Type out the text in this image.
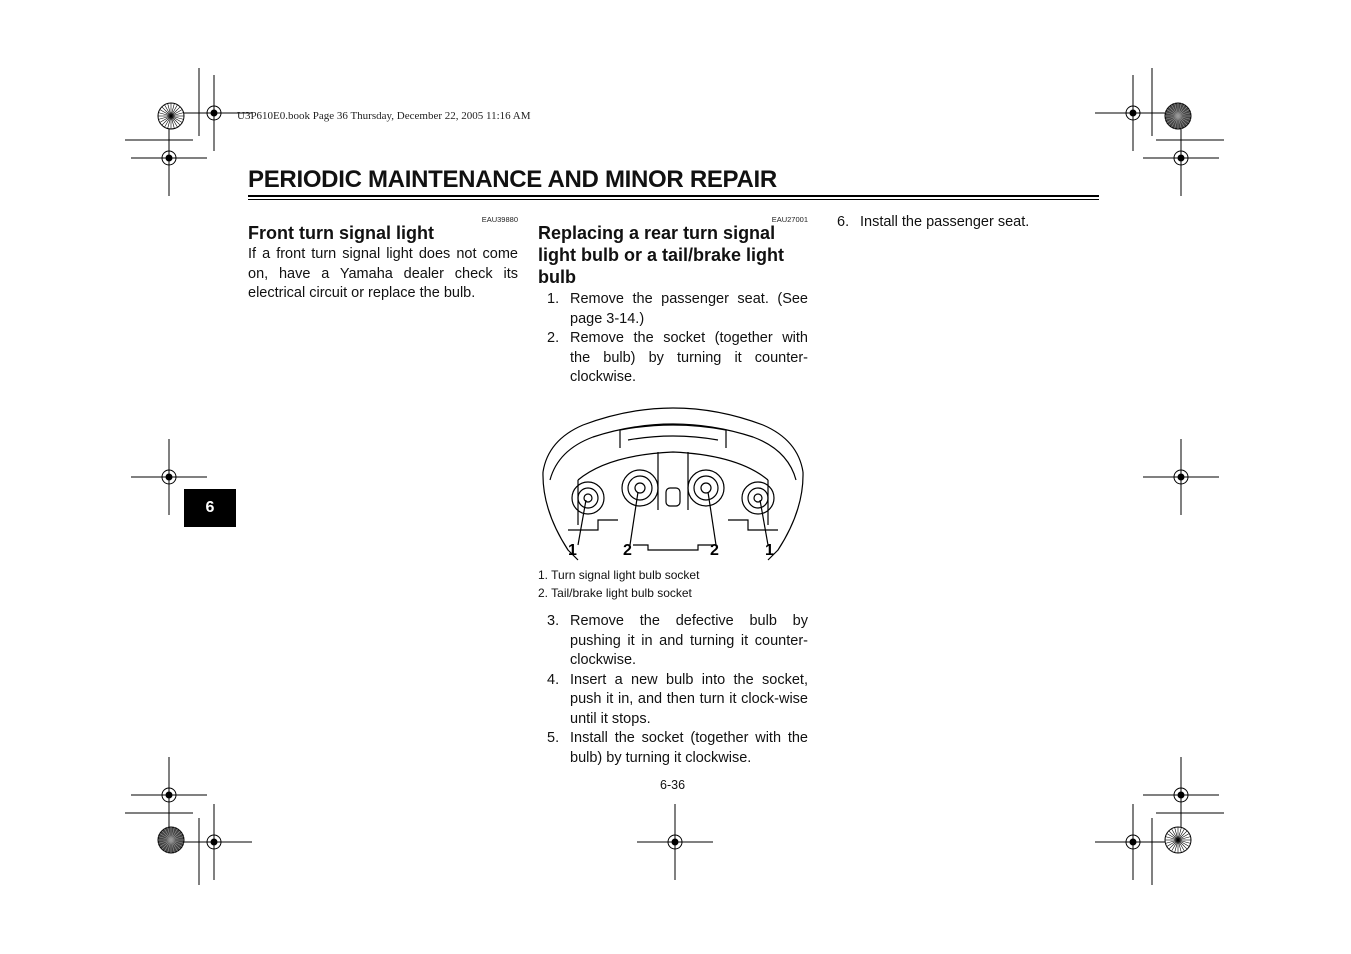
U3P610E0.book Page 36 Thursday, December 22, 2005 11:16 AM
PERIODIC MAINTENANCE AND MINOR REPAIR
EAU39880
Front turn signal light
If a front turn signal light does not come on, have a Yamaha dealer check its electrical circuit or replace the bulb.
EAU27001
Replacing a rear turn signal light bulb or a tail/brake light bulb
1. Remove the passenger seat. (See page 3-14.)
2. Remove the socket (together with the bulb) by turning it counter-clockwise.
1	2	2	1
1. Turn signal light bulb socket
2. Tail/brake light bulb socket
3. Remove the defective bulb by pushing it in and turning it counter-clockwise.
4. Insert a new bulb into the socket, push it in, and then turn it clock-wise until it stops.
5. Install the socket (together with the bulb) by turning it clockwise.
6. Install the passenger seat.
6
6-36
